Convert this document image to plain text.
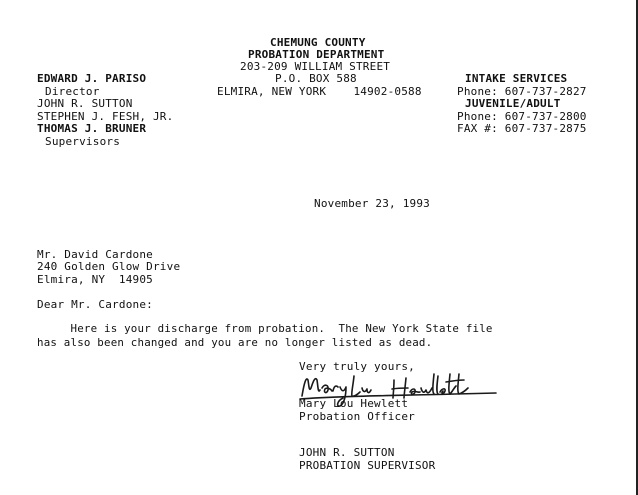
CHEMUNG COUNTY
PROBATION DEPARTMENT
203-209 WILLIAM STREET
P.O. BOX 588
ELMIRA, NEW YORK    14902-0588
EDWARD J. PARISO
Director
JOHN R. SUTTON
STEPHEN J. FESH, JR.
THOMAS J. BRUNER
Supervisors
INTAKE SERVICES
Phone: 607-737-2827
JUVENILE/ADULT
Phone: 607-737-2800
FAX #: 607-737-2875
November 23, 1993
Mr. David Cardone
240 Golden Glow Drive
Elmira, NY  14905
Dear Mr. Cardone:
Here is your discharge from probation.  The New York State file
has also been changed and you are no longer listed as dead.
Very truly yours,
Mary Lou Hewlett
Probation Officer
JOHN R. SUTTON
PROBATION SUPERVISOR
